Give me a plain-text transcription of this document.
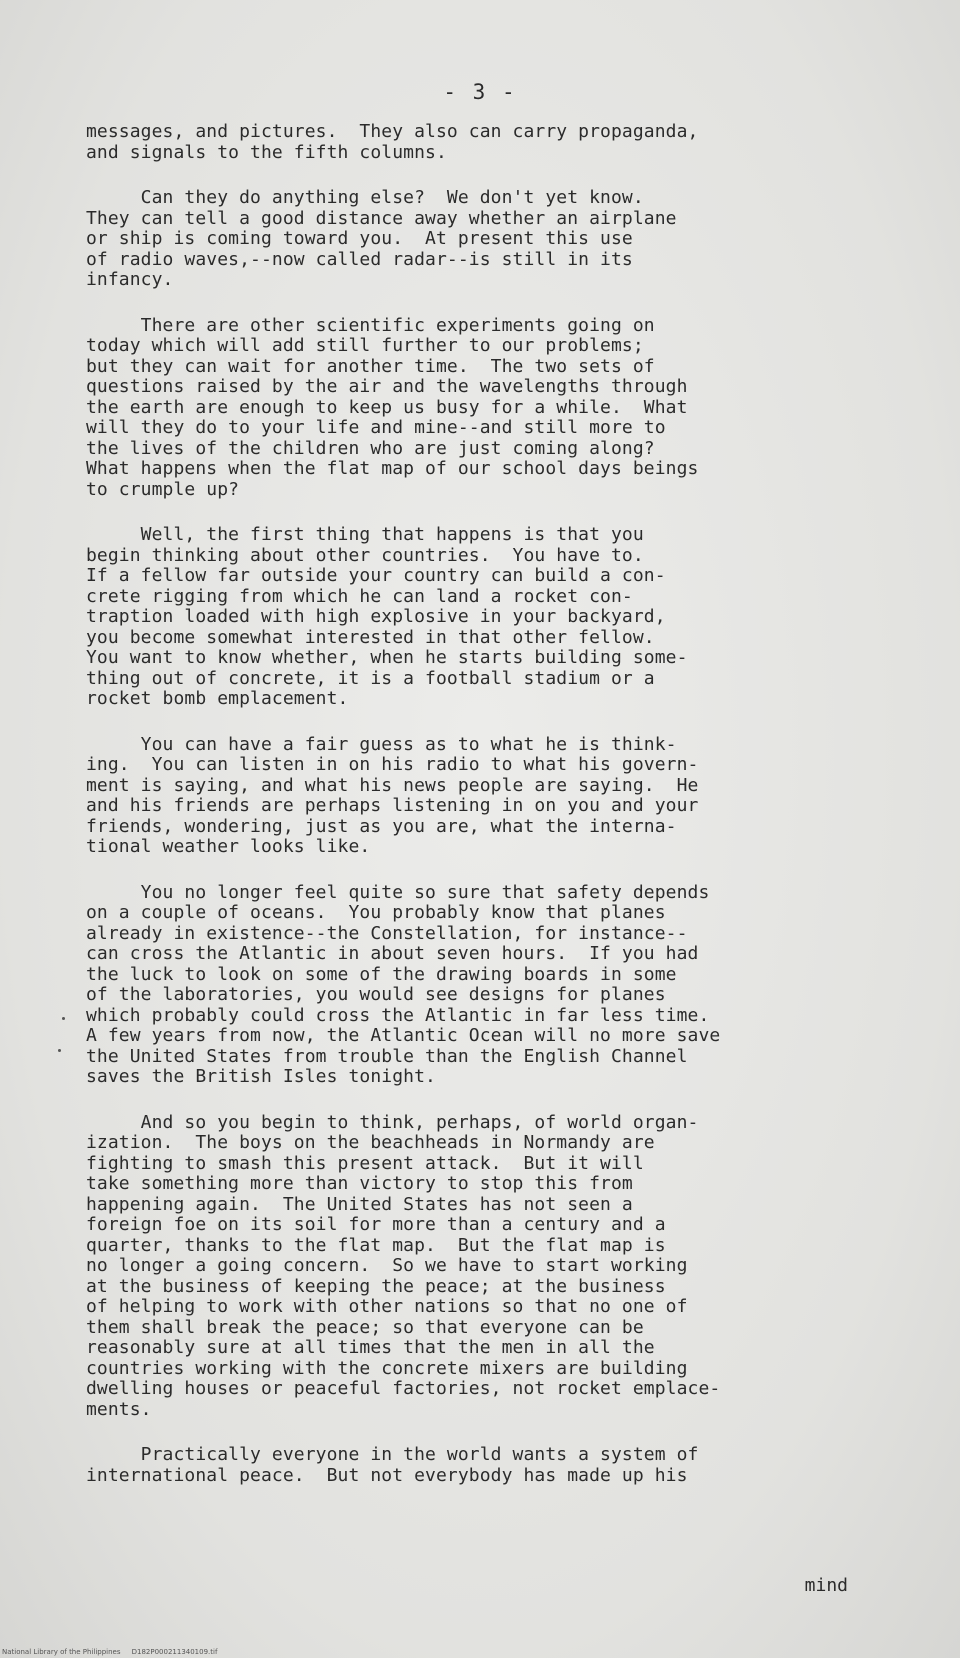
- 3 -

messages, and pictures.  They also can carry propaganda,
and signals to the fifth columns.

Can they do anything else?  We don't yet know.
They can tell a good distance away whether an airplane
or ship is coming toward you.  At present this use
of radio waves,--now called radar--is still in its
infancy.

There are other scientific experiments going on
today which will add still further to our problems;
but they can wait for another time.  The two sets of
questions raised by the air and the wavelengths through
the earth are enough to keep us busy for a while.  What
will they do to your life and mine--and still more to
the lives of the children who are just coming along?
What happens when the flat map of our school days beings
to crumple up?

Well, the first thing that happens is that you
begin thinking about other countries.  You have to.
If a fellow far outside your country can build a con-
crete rigging from which he can land a rocket con-
traption loaded with high explosive in your backyard,
you become somewhat interested in that other fellow.
You want to know whether, when he starts building some-
thing out of concrete, it is a football stadium or a
rocket bomb emplacement.

You can have a fair guess as to what he is think-
ing.  You can listen in on his radio to what his govern-
ment is saying, and what his news people are saying.  He
and his friends are perhaps listening in on you and your
friends, wondering, just as you are, what the interna-
tional weather looks like.

You no longer feel quite so sure that safety depends
on a couple of oceans.  You probably know that planes
already in existence--the Constellation, for instance--
can cross the Atlantic in about seven hours.  If you had
the luck to look on some of the drawing boards in some
of the laboratories, you would see designs for planes
which probably could cross the Atlantic in far less time.
A few years from now, the Atlantic Ocean will no more save
the United States from trouble than the English Channel
saves the British Isles tonight.

And so you begin to think, perhaps, of world organ-
ization.  The boys on the beachheads in Normandy are
fighting to smash this present attack.  But it will
take something more than victory to stop this from
happening again.  The United States has not seen a
foreign foe on its soil for more than a century and a
quarter, thanks to the flat map.  But the flat map is
no longer a going concern.  So we have to start working
at the business of keeping the peace; at the business
of helping to work with other nations so that no one of
them shall break the peace; so that everyone can be
reasonably sure at all times that the men in all the
countries working with the concrete mixers are building
dwelling houses or peaceful factories, not rocket emplace-
ments.

Practically everyone in the world wants a system of
international peace.  But not everybody has made up his

mind
National Library of the Philippines     D182P000211340109.tif
